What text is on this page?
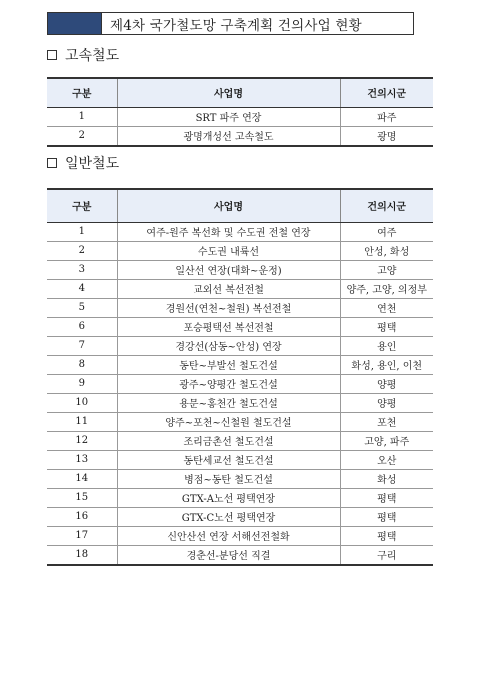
제4차 국가철도망 구축계획 건의사업 현황
고속철도
구분	사업명	건의시군
1	SRT 파주 연장	파주
2	광명개성선 고속철도	광명
일반철도
구분	사업명	건의시군
1	여주-원주 복선화 및 수도권 전철 연장	여주
2	수도권 내륙선	안성, 화성
3	일산선 연장(대화~운정)	고양
4	교외선 복선전철	양주, 고양, 의정부
5	경원선(연천~철원) 복선전철	연천
6	포승평택선 복선전철	평택
7	경강선(삼동~안성) 연장	용인
8	동탄~부발선 철도건설	화성, 용인, 이천
9	광주~양평간 철도건설	양평
10	용문~홍천간 철도건설	양평
11	양주~포천~신철원 철도건설	포천
12	조리금촌선 철도건설	고양, 파주
13	동탄세교선 철도건설	오산
14	병점~동탄 철도건설	화성
15	GTX-A노선 평택연장	평택
16	GTX-C노선 평택연장	평택
17	신안산선 연장 서해선전철화	평택
18	경춘선-분당선 직결	구리
